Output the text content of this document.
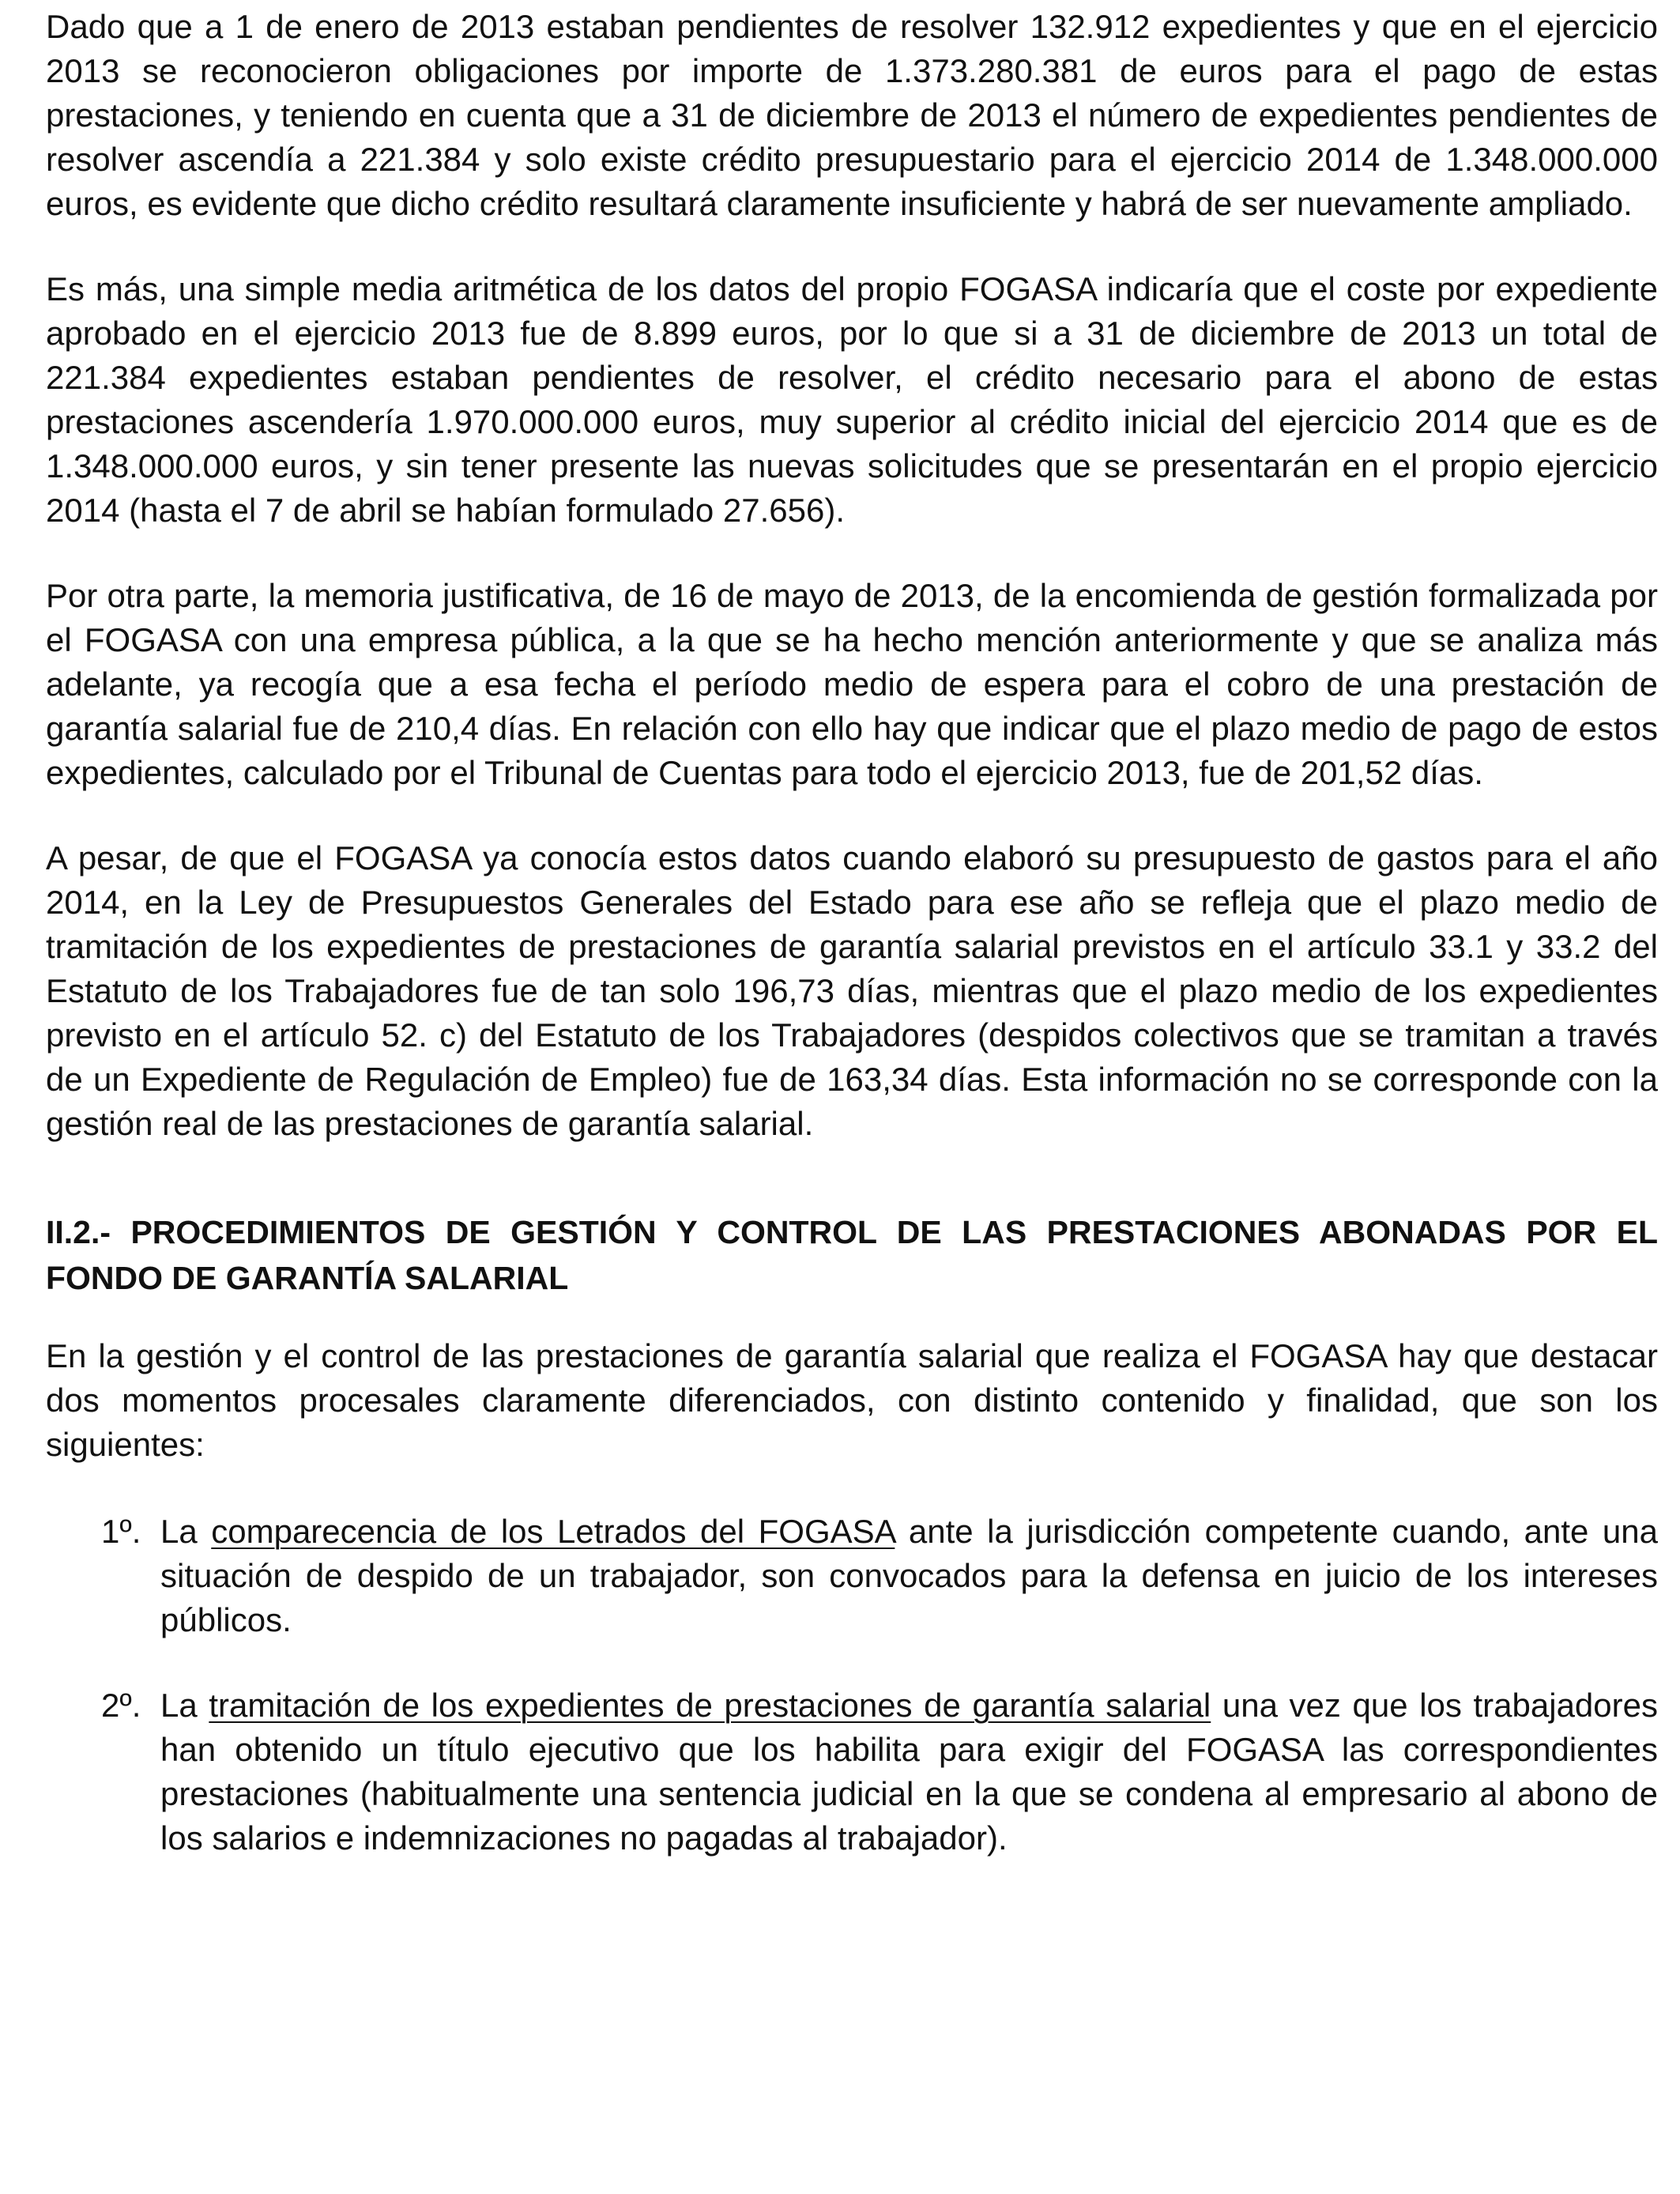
Dado que a 1 de enero de 2013 estaban pendientes de resolver 132.912 expedientes y que en el ejercicio 2013 se reconocieron obligaciones por importe de 1.373.280.381 de euros para el pago de estas prestaciones, y teniendo en cuenta que a 31 de diciembre de 2013 el número de expedientes pendientes de resolver ascendía a 221.384 y solo existe crédito presupuestario para el ejercicio 2014 de 1.348.000.000 euros, es evidente que dicho crédito resultará claramente insuficiente y habrá de ser nuevamente ampliado.

Es más, una simple media aritmética de los datos del propio FOGASA indicaría que el coste por expediente aprobado en el ejercicio 2013 fue de 8.899 euros, por lo que si a 31 de diciembre de 2013 un total de 221.384 expedientes estaban pendientes de resolver, el crédito necesario para el abono de estas prestaciones ascendería 1.970.000.000 euros, muy superior al crédito inicial del ejercicio 2014 que es de 1.348.000.000 euros, y sin tener presente las nuevas solicitudes que se presentarán en el propio ejercicio 2014 (hasta el 7 de abril se habían formulado 27.656).

Por otra parte, la memoria justificativa, de 16 de mayo de 2013, de la encomienda de gestión formalizada por el FOGASA con una empresa pública, a la que se ha hecho mención anteriormente y que se analiza más adelante, ya recogía que a esa fecha el período medio de espera para el cobro de una prestación de garantía salarial fue de 210,4 días. En relación con ello hay que indicar que el plazo medio de pago de estos expedientes, calculado por el Tribunal de Cuentas para todo el ejercicio 2013, fue de 201,52 días.

A pesar, de que el FOGASA ya conocía estos datos cuando elaboró su presupuesto de gastos para el año 2014, en la Ley de Presupuestos Generales del Estado para ese año se refleja que el plazo medio de tramitación de los expedientes de prestaciones de garantía salarial previstos en el artículo 33.1 y 33.2 del Estatuto de los Trabajadores fue de tan solo 196,73 días, mientras que el plazo medio de los expedientes previsto en el artículo 52. c) del Estatuto de los Trabajadores (despidos colectivos que se tramitan a través de un Expediente de Regulación de Empleo) fue de 163,34 días. Esta información no se corresponde con la gestión real de las prestaciones de garantía salarial.

II.2.- PROCEDIMIENTOS DE GESTIÓN Y CONTROL DE LAS PRESTACIONES ABONADAS POR EL FONDO DE GARANTÍA SALARIAL

En la gestión y el control de las prestaciones de garantía salarial que realiza el FOGASA hay que destacar dos momentos procesales claramente diferenciados, con distinto contenido y finalidad, que son los siguientes:

1º. La comparecencia de los Letrados del FOGASA ante la jurisdicción competente cuando, ante una situación de despido de un trabajador, son convocados para la defensa en juicio de los intereses públicos.
2º. La tramitación de los expedientes de prestaciones de garantía salarial una vez que los trabajadores han obtenido un título ejecutivo que los habilita para exigir del FOGASA las correspondientes prestaciones (habitualmente una sentencia judicial en la que se condena al empresario al abono de los salarios e indemnizaciones no pagadas al trabajador).
